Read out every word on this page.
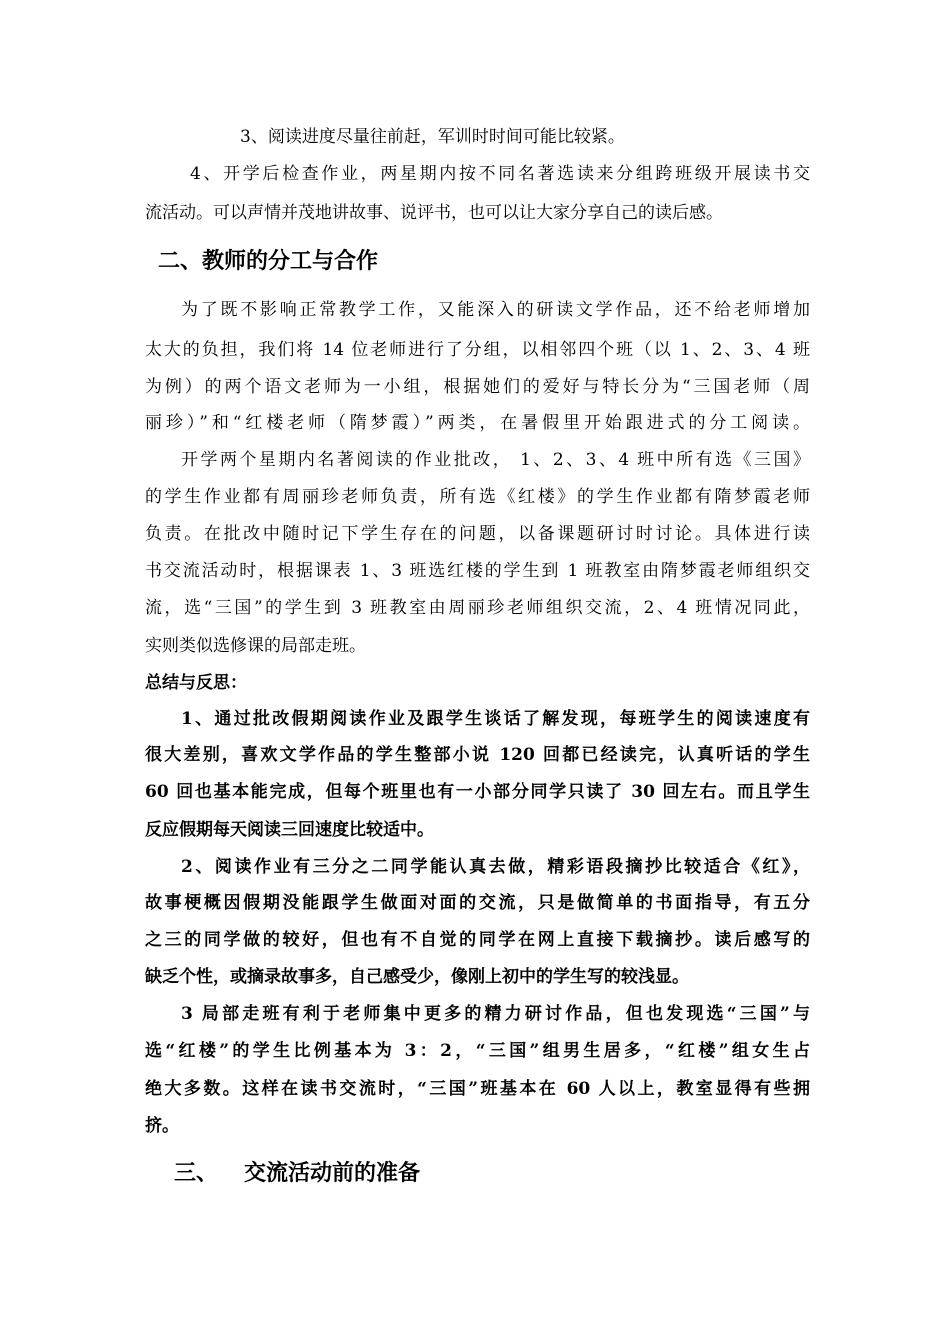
3、阅读进度尽量往前赶，军训时时间可能比较紧。
4、开学后检查作业，两星期内按不同名著选读来分组跨班级开展读书交
流活动。可以声情并茂地讲故事、说评书，也可以让大家分享自己的读后感。
二、教师的分工与合作
为了既不影响正常教学工作，又能深入的研读文学作品，还不给老师增加
太大的负担，我们将 14 位老师进行了分组，以相邻四个班（以 1、2、3、4 班
为例）的两个语文老师为一小组，根据她们的爱好与特长分为“三国老师（周
丽珍）”和“红楼老师（隋梦霞）”两类，在暑假里开始跟进式的分工阅读。
开学两个星期内名著阅读的作业批改， 1、2、3、4 班中所有选《三国》
的学生作业都有周丽珍老师负责，所有选《红楼》的学生作业都有隋梦霞老师
负责。在批改中随时记下学生存在的问题，以备课题研讨时讨论。具体进行读
书交流活动时，根据课表 1、3 班选红楼的学生到 1 班教室由隋梦霞老师组织交
流，选“三国”的学生到 3 班教室由周丽珍老师组织交流，2、4 班情况同此，
实则类似选修课的局部走班。
总结与反思：
1、通过批改假期阅读作业及跟学生谈话了解发现，每班学生的阅读速度有
很大差别，喜欢文学作品的学生整部小说 120 回都已经读完，认真听话的学生
60 回也基本能完成，但每个班里也有一小部分同学只读了 30 回左右。而且学生
反应假期每天阅读三回速度比较适中。
2、阅读作业有三分之二同学能认真去做，精彩语段摘抄比较适合《红》，
故事梗概因假期没能跟学生做面对面的交流，只是做简单的书面指导，有五分
之三的同学做的较好，但也有不自觉的同学在网上直接下载摘抄。读后感写的
缺乏个性，或摘录故事多，自己感受少，像刚上初中的学生写的较浅显。
3 局部走班有利于老师集中更多的精力研讨作品，但也发现选“三国”与
选“红楼”的学生比例基本为 3：2，“三国”组男生居多，“红楼”组女生占
绝大多数。这样在读书交流时，“三国”班基本在 60 人以上，教室显得有些拥
挤。
三、 交流活动前的准备
